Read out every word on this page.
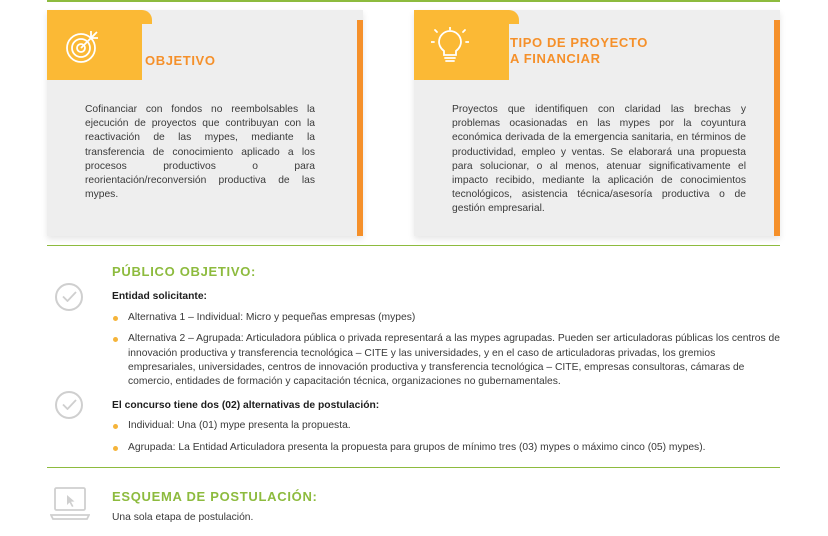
OBJETIVO

Cofinanciar con fondos no reembolsables la ejecución de proyectos que contribuyan con la reactivación de las mypes, mediante la transferencia de conocimiento aplicado a los procesos productivos o para reorientación/reconversión productiva de las mypes.

TIPO DE PROYECTO
A FINANCIAR

Proyectos que identifiquen con claridad las brechas y problemas ocasionadas en las mypes por la coyuntura económica derivada de la emergencia sanitaria, en términos de productividad, empleo y ventas. Se elaborará una propuesta para solucionar, o al menos, atenuar significativamente el impacto recibido, mediante la aplicación de conocimientos tecnológicos, asistencia técnica/asesoría productiva o de gestión empresarial.

PÚBLICO OBJETIVO:
Entidad solicitante:
Alternativa 1 – Individual: Micro y pequeñas empresas (mypes)
Alternativa 2 – Agrupada: Articuladora pública o privada representará a las mypes agrupadas. Pueden ser articuladoras públicas los centros de innovación productiva y transferencia tecnológica – CITE y las universidades, y en el caso de articuladoras privadas, los gremios empresariales, universidades, centros de innovación productiva y transferencia tecnológica – CITE, empresas consultoras, cámaras de comercio, entidades de formación y capacitación técnica, organizaciones no gubernamentales.
El concurso tiene dos (02) alternativas de postulación:
Individual: Una (01) mype presenta la propuesta.
Agrupada: La Entidad Articuladora presenta la propuesta para grupos de mínimo tres (03) mypes o máximo cinco (05) mypes).
ESQUEMA DE POSTULACIÓN:
Una sola etapa de postulación.
